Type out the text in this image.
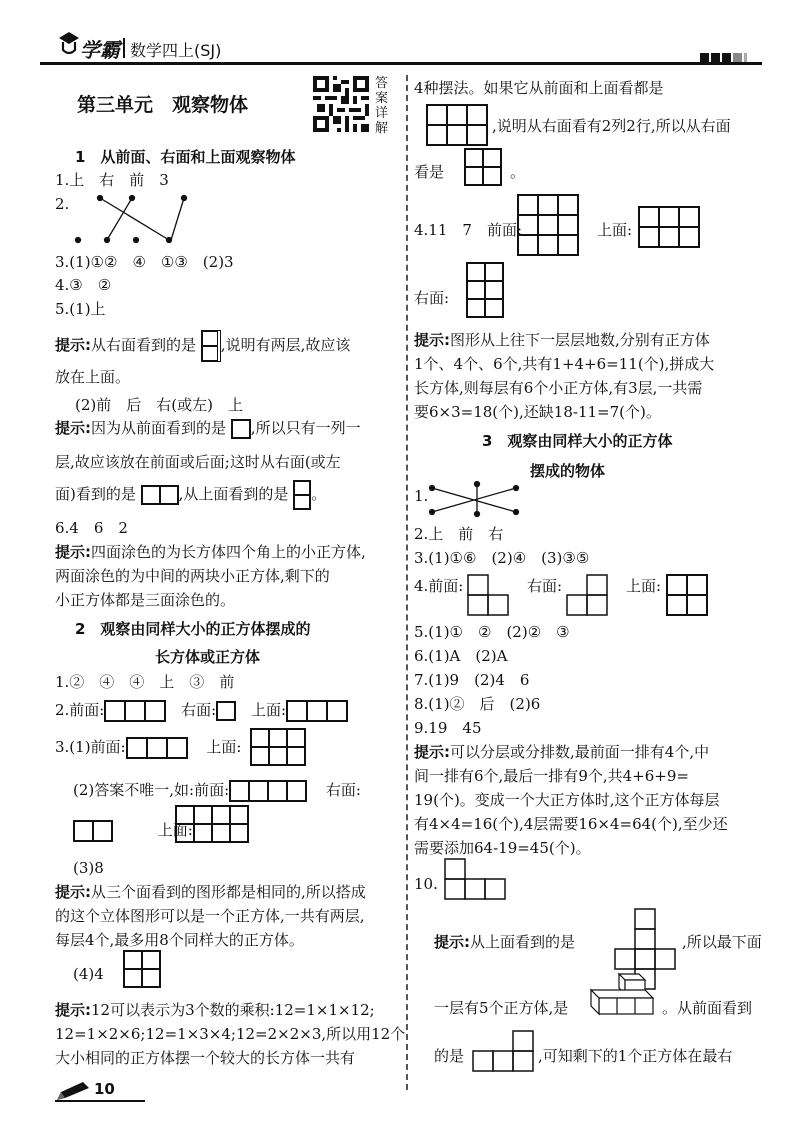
学霸 数学四上(SJ)
第三单元　观察物体
答案详解
1　从前面、右面和上面观察物体
1.上　右　前　3
2.
3.(1)①②　④　①③　(2)3
4.③　②
5.(1)上
提示:从右面看到的是 ,说明有两层,故应该
放在上面。
(2)前　后　右(或左)　上
提示:因为从前面看到的是 ,所以只有一列一
层,故应该放在前面或后面;这时从右面(或左
面)看到的是	,从上面看到的是 。
6.4　6　2
提示:四面涂色的为长方体四个角上的小正方体,
两面涂色的为中间的两块小正方体,剩下的
小正方体都是三面涂色的。
2　观察由同样大小的正方体摆成的
长方体或正方体
1.②　④　④　上　③　前
2.前面:	右面: 上面:
3.(1)前面:	上面:
(2)答案不唯一,如:前面:	右面:
上面:
(3)8
提示:从三个面看到的图形都是相同的,所以搭成
的这个立体图形可以是一个正方体,一共有两层,
每层4个,最多用8个同样大的正方体。
(4)4
提示:12可以表示为3个数的乘积:12=1×1×12;
12=1×2×6;12=1×3×4;12=2×2×3,所以用12个
大小相同的正方体摆一个较大的长方体一共有
4种摆法。如果它从前面和上面看都是
,说明从右面看有2列2行,所以从右面
看是	。
4.11　7　前面:	上面:
右面:
提示:图形从上往下一层层地数,分别有正方体
1个、4个、6个,共有1+4+6=11(个),拼成大
长方体,则每层有6个小正方体,有3层,一共需
要6×3=18(个),还缺18-11=7(个)。
3　观察由同样大小的正方体
摆成的物体
1.
2.上　前　右
3.(1)①⑥　(2)④　(3)③⑤
4.前面:	右面:	上面:
5.(1)①　②　(2)②　③
6.(1)A　(2)A
7.(1)9　(2)4　6
8.(1)②　后　(2)6
9.19　45
提示:可以分层或分排数,最前面一排有4个,中
间一排有6个,最后一排有9个,共4+6+9=
19(个)。变成一个大正方体时,这个正方体每层
有4×4=16(个),4层需要16×4=64(个),至少还
需要添加64-19=45(个)。
10.
提示:从上面看到的是	,所以最下面
一层有5个正方体,是	。从前面看到
的是	,可知剩下的1个正方体在最右
10
